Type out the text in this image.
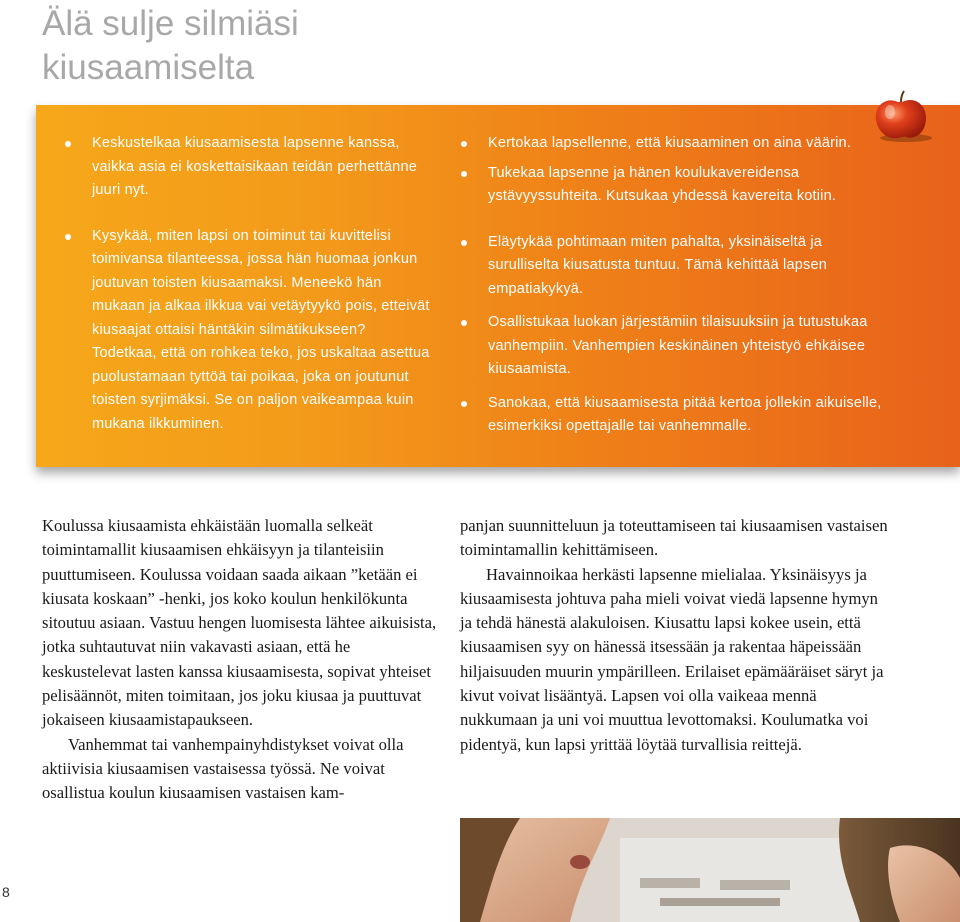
Älä sulje silmiäsi kiusaamiselta
Keskustelkaa kiusaamisesta lapsenne kanssa, vaikka asia ei koskettaisikaan teidän perhettänne juuri nyt.
Kysykää, miten lapsi on toiminut tai kuvittelisi toimivansa tilanteessa, jossa hän huomaa jonkun joutuvan toisten kiusaamaksi. Meneekö hän mukaan ja alkaa ilkkua vai vetäytyykö pois, etteivät kiusaajat ottaisi häntäkin silmätikukseen? Todetkaa, että on rohkea teko, jos uskaltaa asettua puolustamaan tyttöä tai poikaa, joka on joutunut toisten syrjimäksi. Se on paljon vaikeampaa kuin mukana ilkkuminen.
Kertokaa lapsellenne, että kiusaaminen on aina väärin.
Tukekaa lapsenne ja hänen koulukavereidensa ystävyyssuhteita. Kutsukaa yhdessä kavereita kotiin.
Eläytykää pohtimaan miten pahalta, yksinäiseltä ja surulliselta kiusatusta tuntuu. Tämä kehittää lapsen empatiakykyä.
Osallistukaa luokan järjestämiin tilaisuuksiin ja tutustukaa vanhempiin. Vanhempien keskinäinen yhteistyö ehkäisee kiusaamista.
Sanokaa, että kiusaamisesta pitää kertoa jollekin aikuiselle, esimerkiksi opettajalle tai vanhemmalle.

Koulussa kiusaamista ehkäistään luomalla selkeät toimintamallit kiusaamisen ehkäisyyn ja tilanteisiin puuttumiseen. Koulussa voidaan saada aikaan ”ketään ei kiusata koskaan” -henki, jos koko koulun henkilökunta sitoutuu asiaan. Vastuu hengen luomisesta lähtee aikuisista, jotka suhtautuvat niin vakavasti asiaan, että he keskustelevat lasten kanssa kiusaamisesta, sopivat yhteiset pelisäännöt, miten toimitaan, jos joku kiusaa ja puuttuvat jokaiseen kiusaamistapaukseen.

Vanhemmat tai vanhempainyhdistykset voivat olla aktiivisia kiusaamisen vastaisessa työssä. Ne voivat osallistua koulun kiusaamisen vastaisen kam-

panjan suunnitteluun ja toteuttamiseen tai kiusaamisen vastaisen toimintamallin kehittämiseen.

Havainnoikaa herkästi lapsenne mielialaa. Yksinäisyys ja kiusaamisesta johtuva paha mieli voivat viedä lapsenne hymyn ja tehdä hänestä alakuloisen. Kiusattu lapsi kokee usein, että kiusaamisen syy on hänessä itsessään ja rakentaa häpeissään hiljaisuuden muurin ympärilleen. Erilaiset epämääräiset säryt ja kivut voivat lisääntyä. Lapsen voi olla vaikeaa mennä nukkumaan ja uni voi muuttua levottomaksi. Koulumatka voi pidentyä, kun lapsi yrittää löytää turvallisia reittejä.

8
